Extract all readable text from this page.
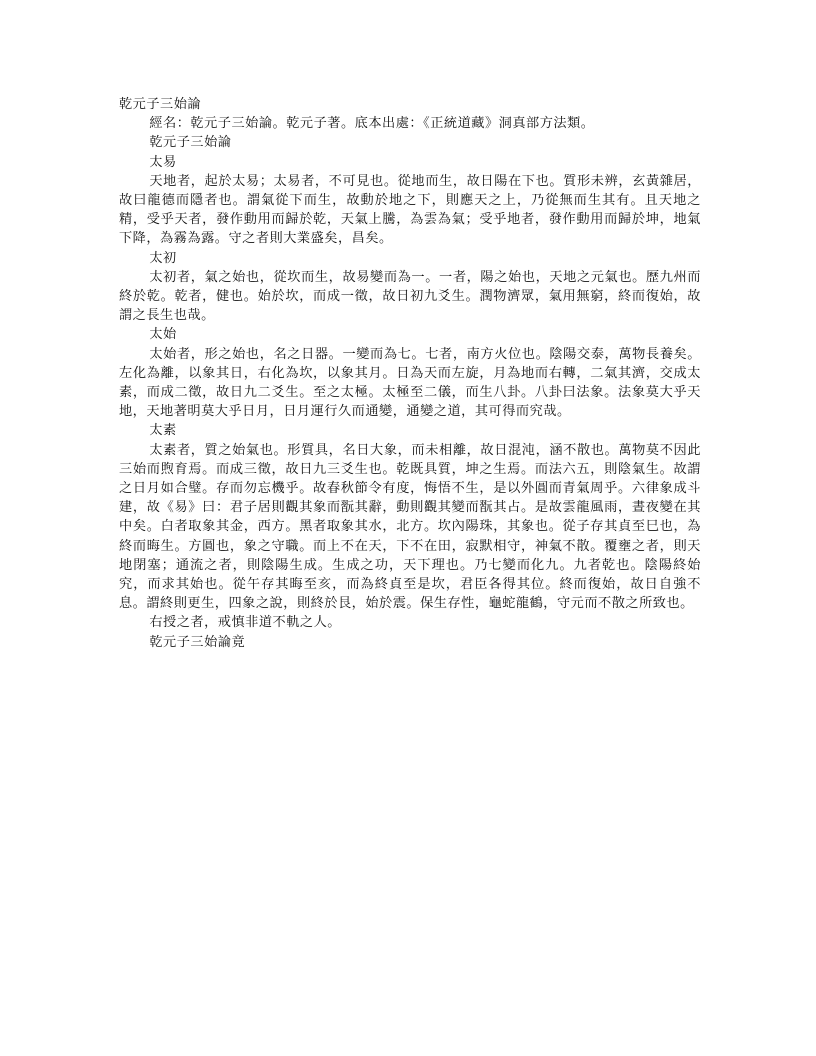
乾元子三始論

經名：乾元子三始論。乾元子著。底本出處：《正統道藏》洞真部方法類。

乾元子三始論

太易

天地者，起於太易；太易者，不可見也。從地而生，故日陽在下也。質形未辨，玄黃雜居，故曰龍德而隱者也。謂氣從下而生，故動於地之下，則應天之上，乃從無而生其有。且天地之精，受乎天者，發作動用而歸於乾，天氣上騰，為雲為氣；受乎地者，發作動用而歸於坤，地氣下降，為霧為露。守之者則大業盛矣，昌矣。

太初

太初者，氣之始也，從坎而生，故易變而為一。一者，陽之始也，天地之元氣也。歷九州而終於乾。乾者，健也。始於坎，而成一徵，故日初九爻生。潤物濟眾，氣用無窮，終而復始，故謂之長生也哉。

太始

太始者，形之始也，名之日器。一變而為七。七者，南方火位也。陰陽交泰，萬物長養矣。左化為離，以象其日，右化為坎，以象其月。日為天而左旋，月為地而右轉，二氣其濟，交成太素，而成二徵，故日九二爻生。至之太極。太極至二儀，而生八卦。八卦曰法象。法象莫大乎天地，天地著明莫大乎日月，日月運行久而通變，通變之道，其可得而究哉。

太素

太素者，質之始氣也。形質具，名日大象，而未相離，故日混沌，涵不散也。萬物莫不因此三始而煦育焉。而成三徵，故日九三爻生也。乾既具質，坤之生焉。而法六五，則陰氣生。故謂之日月如合璧。存而勿忘機乎。故春秋節令有度，悔悟不生，是以外圓而青氣周乎。六律象成斗建，故《易》曰：君子居則觀其象而翫其辭，動則觀其變而翫其占。是故雲龍風雨，晝夜變在其中矣。白者取象其金，西方。黑者取象其水，北方。坎內陽珠，其象也。從子存其貞至巳也，為終而晦生。方圓也，象之守職。而上不在天，下不在田，寂默相守，神氣不散。覆壅之者，則天地閉塞；通流之者，則陰陽生成。生成之功，天下理也。乃七變而化九。九者乾也。陰陽終始究，而求其始也。從午存其晦至亥，而為終貞至是坎，君臣各得其位。終而復始，故日自強不息。謂終則更生，四象之說，則終於艮，始於震。保生存性，龜蛇龍鶴，守元而不散之所致也。

右授之者，戒慎非道不軌之人。

乾元子三始論竟
